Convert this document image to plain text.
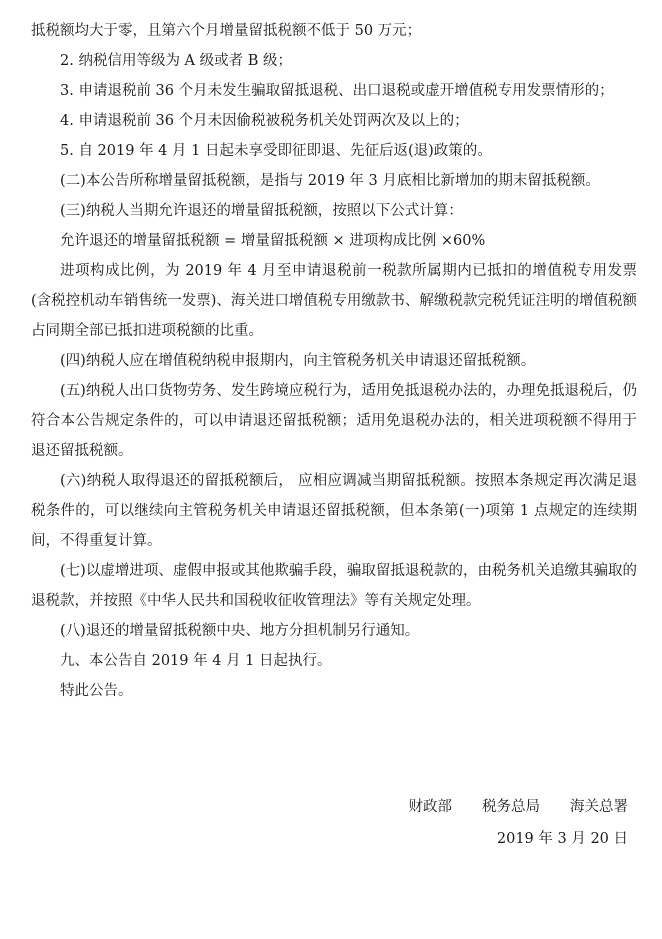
抵税额均大于零，且第六个月增量留抵税额不低于 50 万元；

2. 纳税信用等级为 A 级或者 B 级；

3. 申请退税前 36 个月未发生骗取留抵退税、出口退税或虚开增值税专用发票情形的；

4. 申请退税前 36 个月未因偷税被税务机关处罚两次及以上的；

5. 自 2019 年 4 月 1 日起未享受即征即退、先征后返(退)政策的。

(二)本公告所称增量留抵税额，是指与 2019 年 3 月底相比新增加的期末留抵税额。

(三)纳税人当期允许退还的增量留抵税额，按照以下公式计算：

允许退还的增量留抵税额 = 增量留抵税额 × 进项构成比例 ×60%

进项构成比例，为 2019 年 4 月至申请退税前一税款所属期内已抵扣的增值税专用发票(含税控机动车销售统一发票)、海关进口增值税专用缴款书、解缴税款完税凭证注明的增值税额占同期全部已抵扣进项税额的比重。

(四)纳税人应在增值税纳税申报期内，向主管税务机关申请退还留抵税额。

(五)纳税人出口货物劳务、发生跨境应税行为，适用免抵退税办法的，办理免抵退税后，仍符合本公告规定条件的，可以申请退还留抵税额；适用免退税办法的，相关进项税额不得用于退还留抵税额。

(六)纳税人取得退还的留抵税额后， 应相应调减当期留抵税额。按照本条规定再次满足退税条件的，可以继续向主管税务机关申请退还留抵税额，但本条第(一)项第 1 点规定的连续期间，不得重复计算。

(七)以虚增进项、虚假申报或其他欺骗手段，骗取留抵退税款的，由税务机关追缴其骗取的退税款，并按照《中华人民共和国税收征收管理法》等有关规定处理。

(八)退还的增量留抵税额中央、地方分担机制另行通知。

九、本公告自 2019 年 4 月 1 日起执行。

特此公告。

财政部 税务总局 海关总署
2019 年 3 月 20 日
